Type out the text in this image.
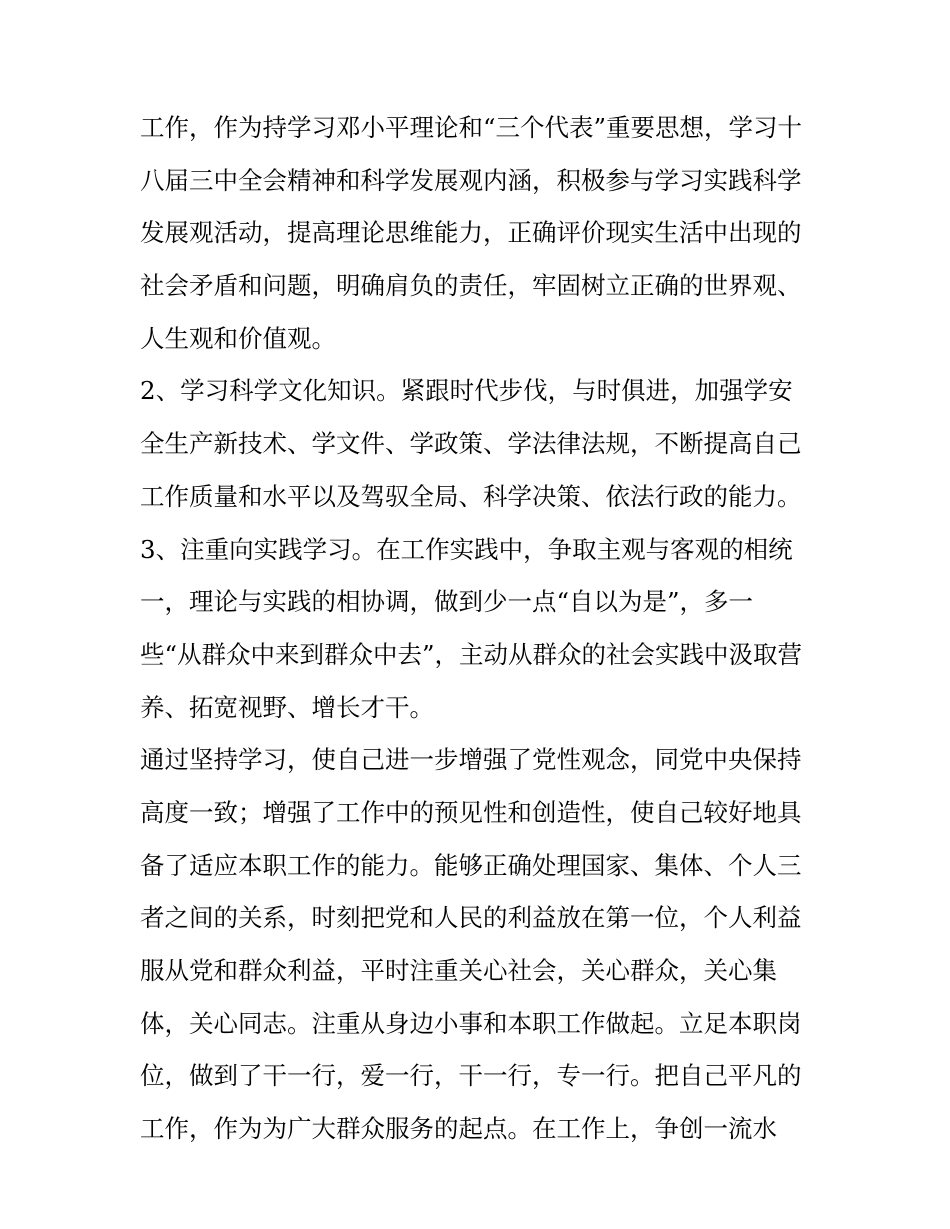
工作，作为持学习邓小平理论和“三个代表”重要思想，学习十
八届三中全会精神和科学发展观内涵，积极参与学习实践科学
发展观活动，提高理论思维能力，正确评价现实生活中出现的
社会矛盾和问题，明确肩负的责任，牢固树立正确的世界观、
人生观和价值观。
2、学习科学文化知识。紧跟时代步伐，与时俱进，加强学安
全生产新技术、学文件、学政策、学法律法规，不断提高自己
工作质量和水平以及驾驭全局、科学决策、依法行政的能力。
3、注重向实践学习。在工作实践中，争取主观与客观的相统
一，理论与实践的相协调，做到少一点“自以为是”，多一
些“从群众中来到群众中去”，主动从群众的社会实践中汲取营
养、拓宽视野、增长才干。
通过坚持学习，使自己进一步增强了党性观念，同党中央保持
高度一致；增强了工作中的预见性和创造性，使自己较好地具
备了适应本职工作的能力。能够正确处理国家、集体、个人三
者之间的关系，时刻把党和人民的利益放在第一位，个人利益
服从党和群众利益，平时注重关心社会，关心群众，关心集
体，关心同志。注重从身边小事和本职工作做起。立足本职岗
位，做到了干一行，爱一行，干一行，专一行。把自己平凡的
工作，作为为广大群众服务的起点。在工作上，争创一流水
